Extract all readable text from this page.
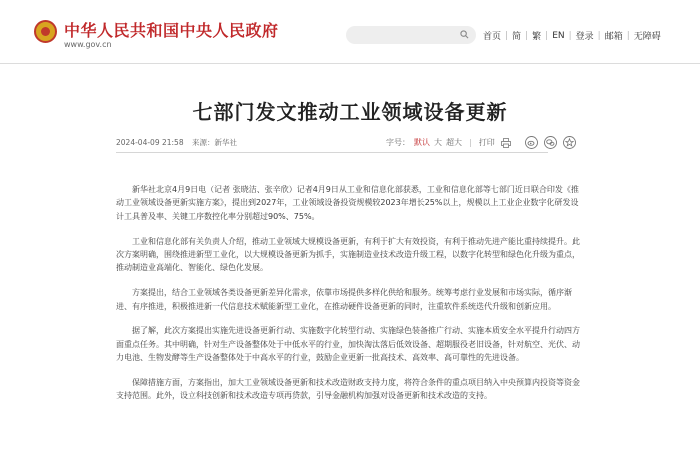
中华人民共和国中央人民政府
www.gov.cn
首页 | 简 | 繁 | EN | 登录 | 邮箱 | 无障碍
七部门发文推动工业领域设备更新
2024-04-09 21:58 来源：新华社	字号： 默认 大 超大 | 打印

新华社北京4月9日电（记者 张晓洁、张辛欣）记者4月9日从工业和信息化部获悉，工业和信息化部等七部门近日联合印发《推动工业领域设备更新实施方案》，提出到2027年，工业领域设备投资规模较2023年增长25%以上，规模以上工业企业数字化研发设计工具普及率、关键工序数控化率分别超过90%、75%。

工业和信息化部有关负责人介绍，推动工业领域大规模设备更新，有利于扩大有效投资，有利于推动先进产能比重持续提升。此次方案明确，围绕推进新型工业化，以大规模设备更新为抓手，实施制造业技术改造升级工程，以数字化转型和绿色化升级为重点，推动制造业高端化、智能化、绿色化发展。

方案提出，结合工业领域各类设备更新差异化需求，依靠市场提供多样化供给和服务。统筹考虑行业发展和市场实际，循序渐进、有序推进，积极推进新一代信息技术赋能新型工业化，在推动硬件设备更新的同时，注重软件系统迭代升级和创新应用。

据了解，此次方案提出实施先进设备更新行动、实施数字化转型行动、实施绿色装备推广行动、实施本质安全水平提升行动四方面重点任务。其中明确，针对生产设备整体处于中低水平的行业，加快淘汰落后低效设备、超期服役老旧设备，针对航空、光伏、动力电池、生物发酵等生产设备整体处于中高水平的行业，鼓励企业更新一批高技术、高效率、高可靠性的先进设备。

保障措施方面，方案指出，加大工业领域设备更新和技术改造财政支持力度，将符合条件的重点项目纳入中央预算内投资等资金支持范围。此外，设立科技创新和技术改造专项再贷款，引导金融机构加强对设备更新和技术改造的支持。
